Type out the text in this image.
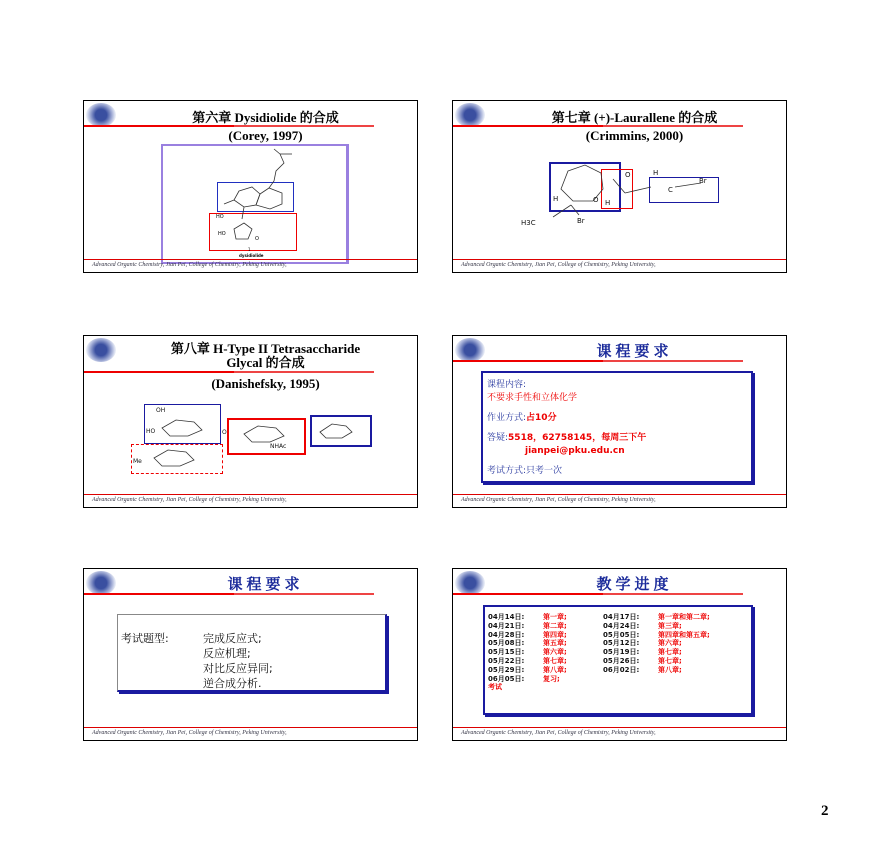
第六章 Dysidiolide 的合成
(Corey, 1997)
HO
HO
O
1
dysidiolide
Advanced Organic Chemistry, Jian Pei, College of Chemistry, Peking University,
第七章 (+)-Laurallene 的合成
(Crimmins, 2000)
H
H	H
O
O
C
Br
Br
H3C
Advanced Organic Chemistry, Jian Pei, College of Chemistry, Peking University,
第八章 H-Type II Tetrasaccharide
Glycal 的合成
(Danishefsky, 1995)
OH
HO
NHAc
Me
O
Advanced Organic Chemistry, Jian Pei, College of Chemistry, Peking University,
课程要求
课程内容:
不要求手性和立体化学
作业方式:占10分
答疑:5518，62758145，每周三下午
jianpei@pku.edu.cn
考试方式:只考一次
Advanced Organic Chemistry, Jian Pei, College of Chemistry, Peking University,
课程要求
考试题型:	完成反应式;
反应机理;
对比反应异同;
逆合成分析.
Advanced Organic Chemistry, Jian Pei, College of Chemistry, Peking University,
教学进度
04月14日:	第一章;	04月17日:	第一章和第二章;
04月21日:	第二章;	04月24日:	第三章;
04月28日:	第四章;	05月05日:	第四章和第五章;
05月08日:	第五章;	05月12日:	第六章;
05月15日:	第六章;	05月19日:	第七章;
05月22日:	第七章;	05月26日:	第七章;
05月29日:	第八章;	06月02日:	第八章;
06月05日:	复习;
考试
Advanced Organic Chemistry, Jian Pei, College of Chemistry, Peking University,
2
